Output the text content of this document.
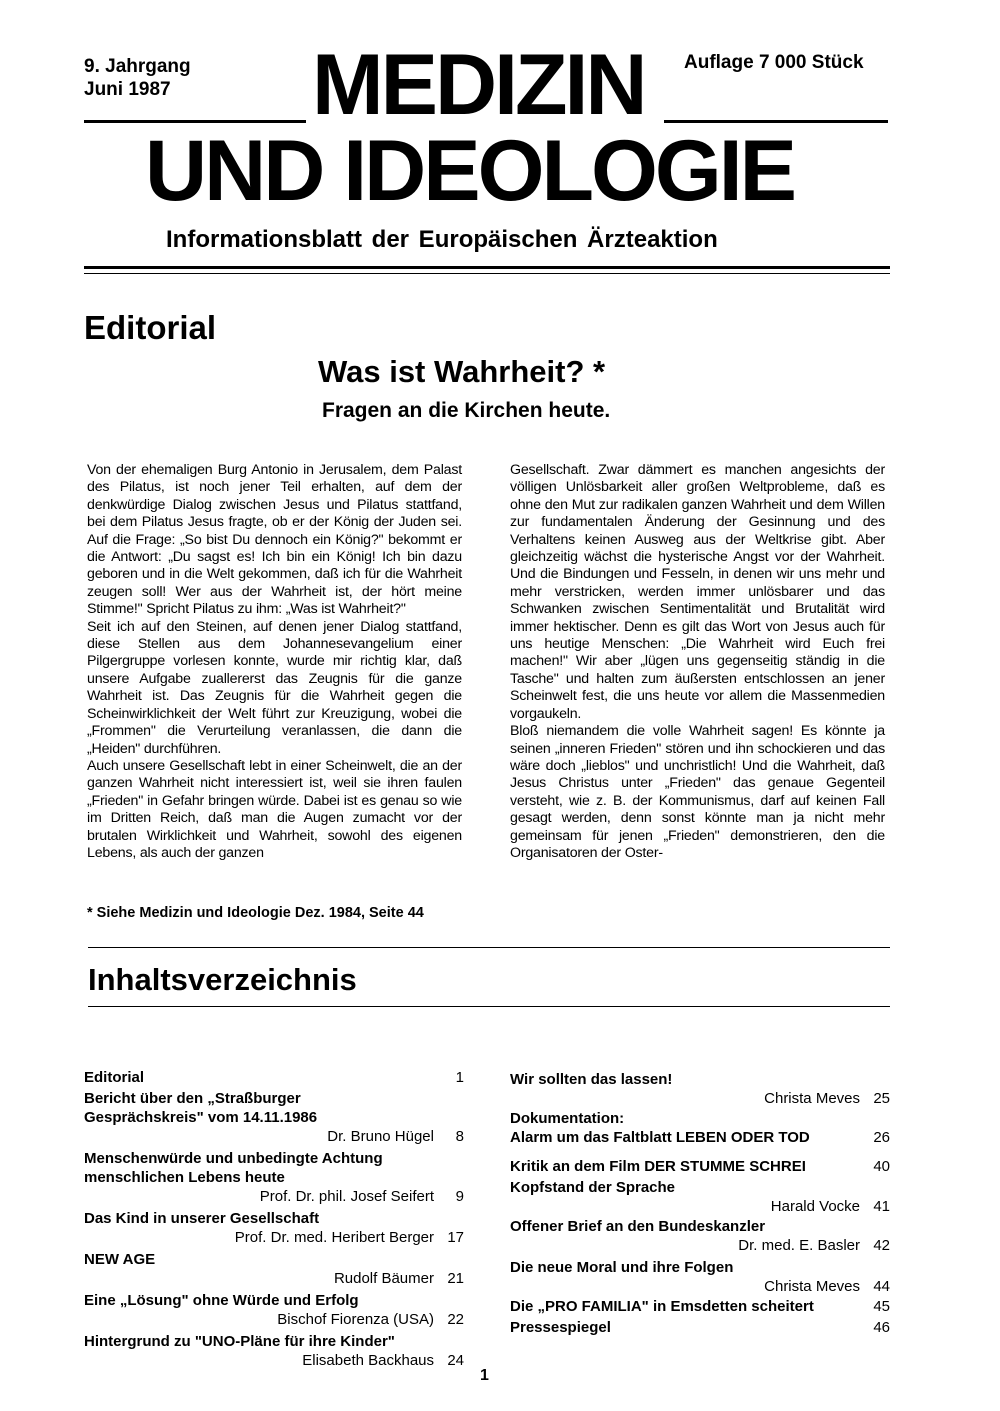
9. Jahrgang
Juni 1987 MEDIZIN Auflage 7 000 Stück
UND IDEOLOGIE
Informationsblatt der Europäischen Ärzteaktion
Editorial
Was ist Wahrheit? *
Fragen an die Kirchen heute.

Von der ehemaligen Burg Antonio in Jerusalem, dem Palast des Pilatus, ist noch jener Teil erhalten, auf dem der denkwürdige Dialog zwischen Jesus und Pilatus stattfand, bei dem Pilatus Jesus fragte, ob er der König der Juden sei. Auf die Frage: „So bist Du dennoch ein König?" bekommt er die Antwort: „Du sagst es! Ich bin ein König! Ich bin dazu geboren und in die Welt gekommen, daß ich für die Wahrheit zeugen soll! Wer aus der Wahrheit ist, der hört meine Stimme!" Spricht Pilatus zu ihm: „Was ist Wahrheit?"

Seit ich auf den Steinen, auf denen jener Dialog stattfand, diese Stellen aus dem Johannesevangelium einer Pilgergruppe vorlesen konnte, wurde mir richtig klar, daß unsere Aufgabe zuallererst das Zeugnis für die ganze Wahrheit ist. Das Zeugnis für die Wahrheit gegen die Scheinwirklichkeit der Welt führt zur Kreuzigung, wobei die „Frommen" die Verurteilung veranlassen, die dann die „Heiden" durchführen.

Auch unsere Gesellschaft lebt in einer Scheinwelt, die an der ganzen Wahrheit nicht interessiert ist, weil sie ihren faulen „Frieden" in Gefahr bringen würde. Dabei ist es genau so wie im Dritten Reich, daß man die Augen zumacht vor der brutalen Wirklichkeit und Wahrheit, sowohl des eigenen Lebens, als auch der ganzen

Gesellschaft. Zwar dämmert es manchen angesichts der völligen Unlösbarkeit aller großen Weltprobleme, daß es ohne den Mut zur radikalen ganzen Wahrheit und dem Willen zur fundamentalen Änderung der Gesinnung und des Verhaltens keinen Ausweg aus der Weltkrise gibt. Aber gleichzeitig wächst die hysterische Angst vor der Wahrheit. Und die Bindungen und Fesseln, in denen wir uns mehr und mehr verstricken, werden immer unlösbarer und das Schwanken zwischen Sentimentalität und Brutalität wird immer hektischer. Denn es gilt das Wort von Jesus auch für uns heutige Menschen: „Die Wahrheit wird Euch frei machen!" Wir aber „lügen uns gegenseitig ständig in die Tasche" und halten zum äußersten entschlossen an jener Scheinwelt fest, die uns heute vor allem die Massenmedien vorgaukeln.

Bloß niemandem die volle Wahrheit sagen! Es könnte ja seinen „inneren Frieden" stören und ihn schockieren und das wäre doch „lieblos" und unchristlich! Und die Wahrheit, daß Jesus Christus unter „Frieden" das genaue Gegenteil versteht, wie z. B. der Kommunismus, darf auf keinen Fall gesagt werden, denn sonst könnte man ja nicht mehr gemeinsam für jenen „Frieden" demonstrieren, den die Organisatoren der Oster-

* Siehe Medizin und Ideologie Dez. 1984, Seite 44
Inhaltsverzeichnis
Editorial	1
Bericht über den „Straßburger Gesprächskreis" vom 14.11.1986
Dr. Bruno Hügel	8
Menschenwürde und unbedingte Achtung menschlichen Lebens heute
Prof. Dr. phil. Josef Seifert	9
Das Kind in unserer Gesellschaft
Prof. Dr. med. Heribert Berger 17
NEW AGE
Rudolf Bäumer 21
Eine „Lösung" ohne Würde und Erfolg
Bischof Fiorenza (USA) 22
Hintergrund zu "UNO-Pläne für ihre Kinder"
Elisabeth Backhaus 24
Wir sollten das lassen!
Christa Meves 25
Dokumentation:
Alarm um das Faltblatt LEBEN ODER TOD	26
Kritik an dem Film DER STUMME SCHREI	40
Kopfstand der Sprache
Harald Vocke 41
Offener Brief an den Bundeskanzler
Dr. med. E. Basler 42
Die neue Moral und ihre Folgen
Christa Meves 44
Die „PRO FAMILIA" in Emsdetten scheitert	45
Pressespiegel	46
1
